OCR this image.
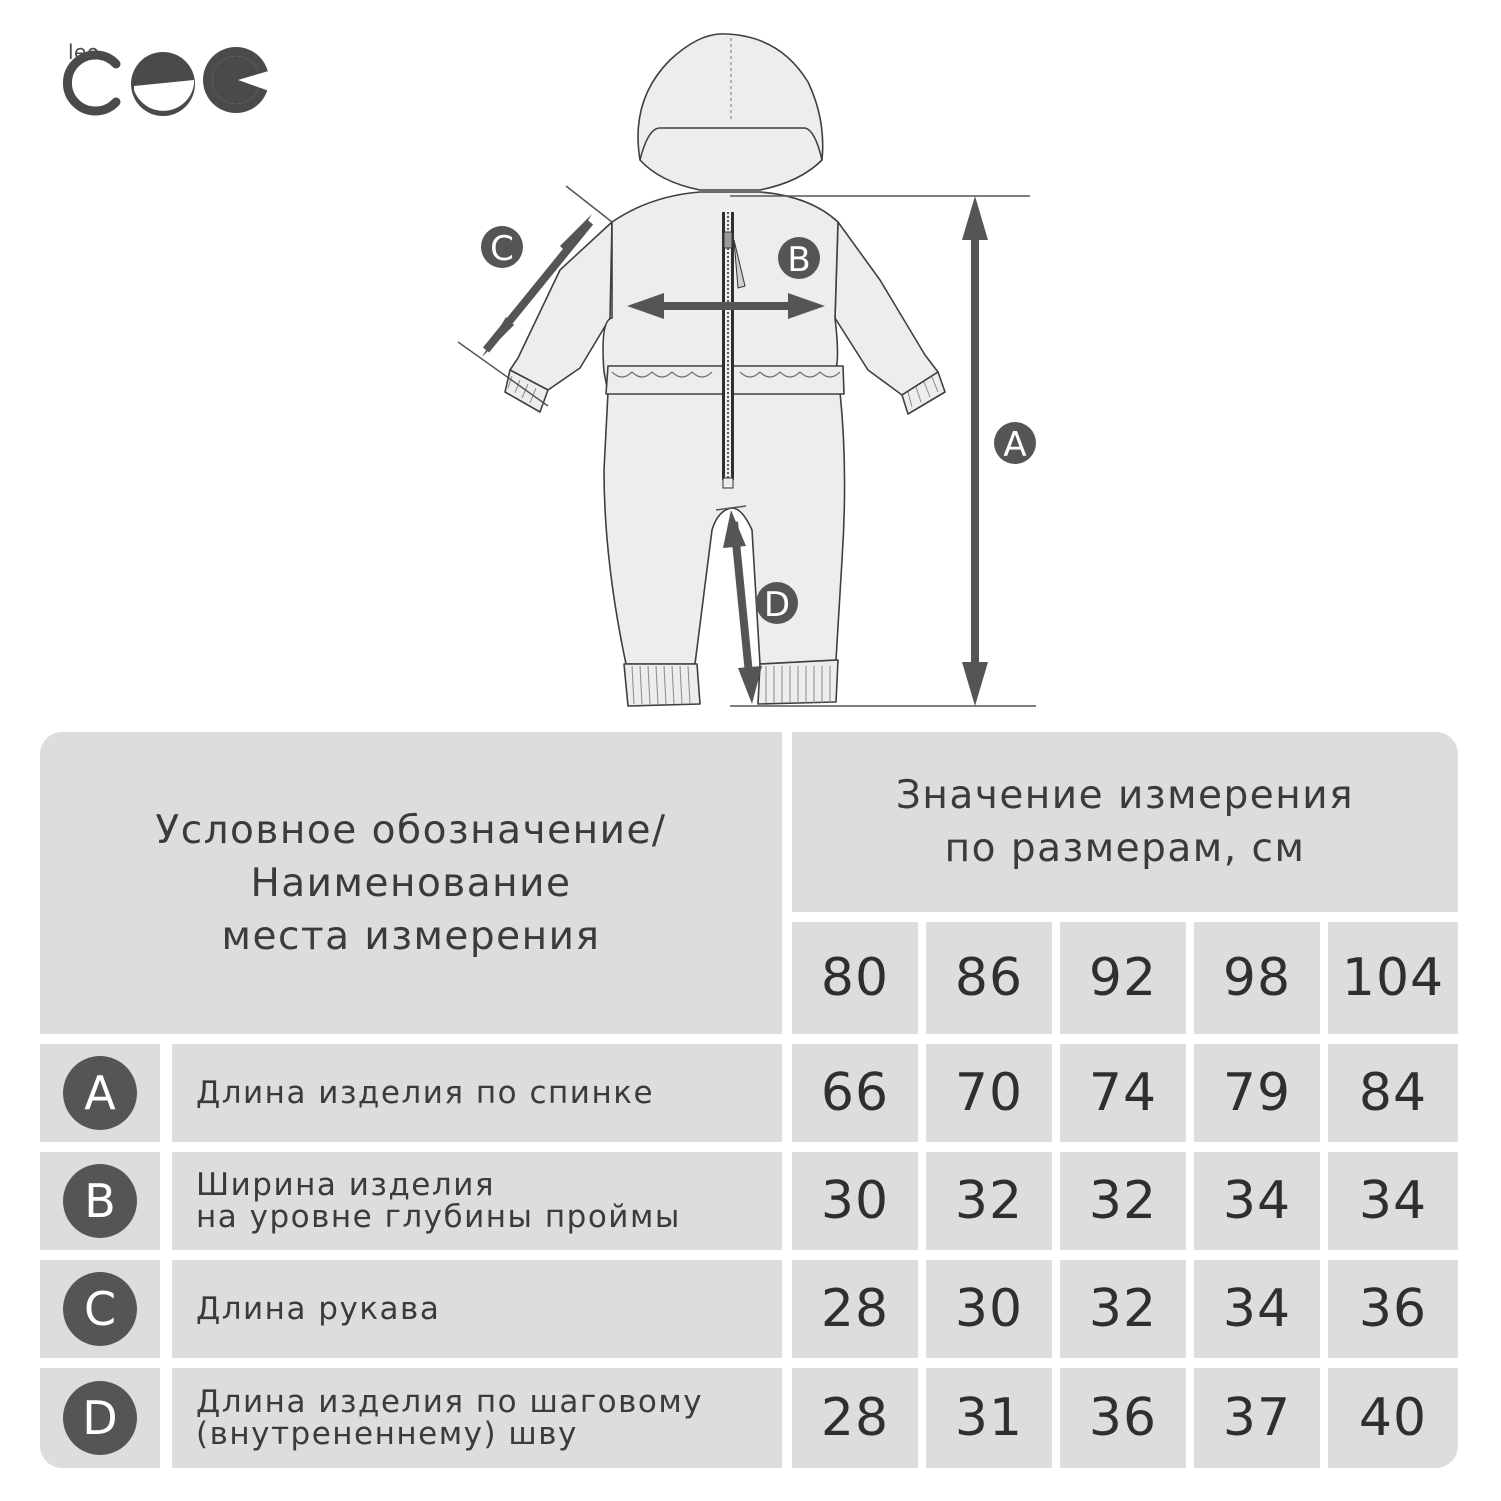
leo
C	B
A
D
Условное обозначение/
Наименование
места измерения
Значение измерения
по размерам, см
80 86 92 98 104
A	Длина изделия по спинке	66 70 74 79 84
B	Ширина изделия
на уровне глубины проймы	30 32 32 34 34
C	Длина рукава	28 30 32 34 36
D	Длина изделия по шаговому
(внутрененнему) шву	28 31 36 37 40
